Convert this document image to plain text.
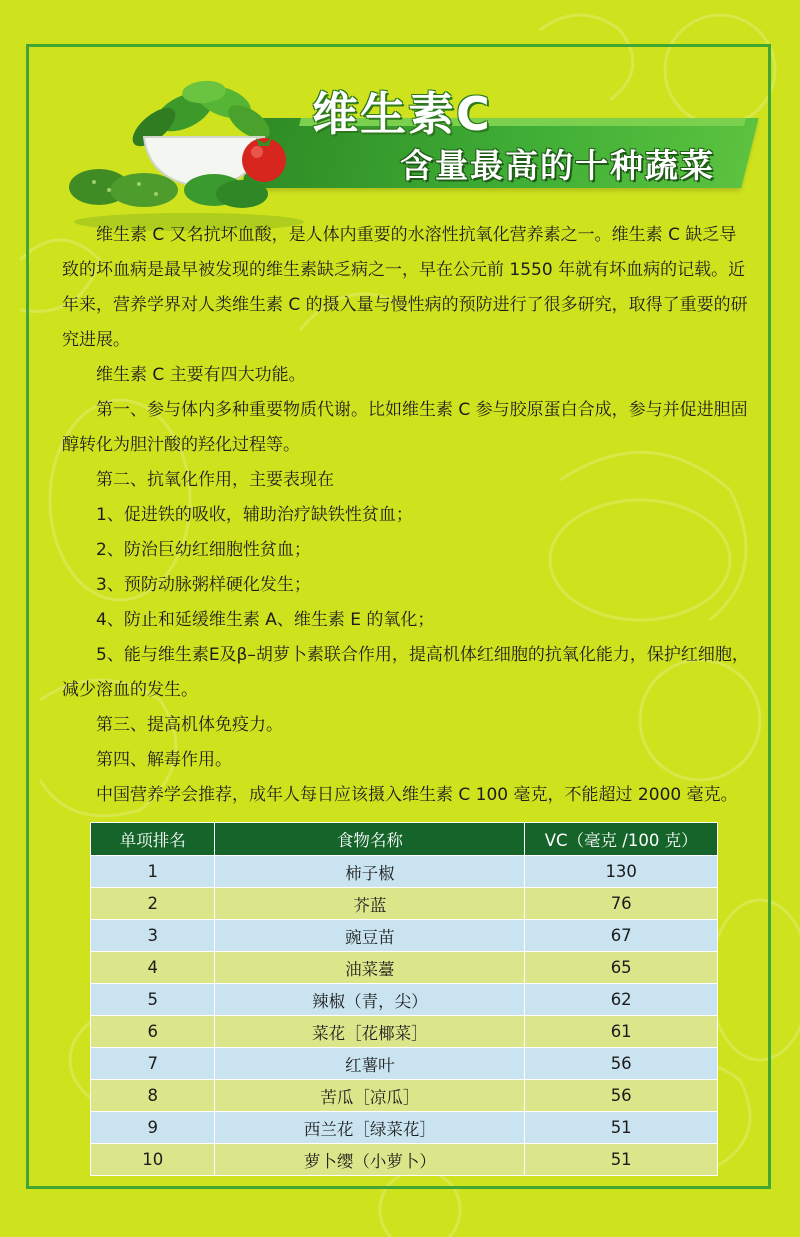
维生素C
含量最高的十种蔬菜

维生素 C 又名抗坏血酸，是人体内重要的水溶性抗氧化营养素之一。维生素 C 缺乏导致的坏血病是最早被发现的维生素缺乏病之一，早在公元前 1550 年就有坏血病的记载。近年来，营养学界对人类维生素 C 的摄入量与慢性病的预防进行了很多研究，取得了重要的研究进展。

维生素 C 主要有四大功能。

第一、参与体内多种重要物质代谢。比如维生素 C 参与胶原蛋白合成，参与并促进胆固醇转化为胆汁酸的羟化过程等。

第二、抗氧化作用，主要表现在

1、促进铁的吸收，辅助治疗缺铁性贫血；

2、防治巨幼红细胞性贫血；

3、预防动脉粥样硬化发生；

4、防止和延缓维生素 A、维生素 E 的氧化；

5、能与维生素E及β–胡萝卜素联合作用，提高机体红细胞的抗氧化能力，保护红细胞，减少溶血的发生。

第三、提高机体免疫力。

第四、解毒作用。

中国营养学会推荐，成年人每日应该摄入维生素 C 100 毫克，不能超过 2000 毫克。

单项排名	食物名称	VC（毫克 /100 克）
1	柿子椒	130
2	芥蓝	76
3	豌豆苗	67
4	油菜薹	65
5	辣椒（青，尖）	62
6	菜花［花椰菜］	61
7	红薯叶	56
8	苦瓜［凉瓜］	56
9	西兰花［绿菜花］	51
10	萝卜缨（小萝卜）	51
